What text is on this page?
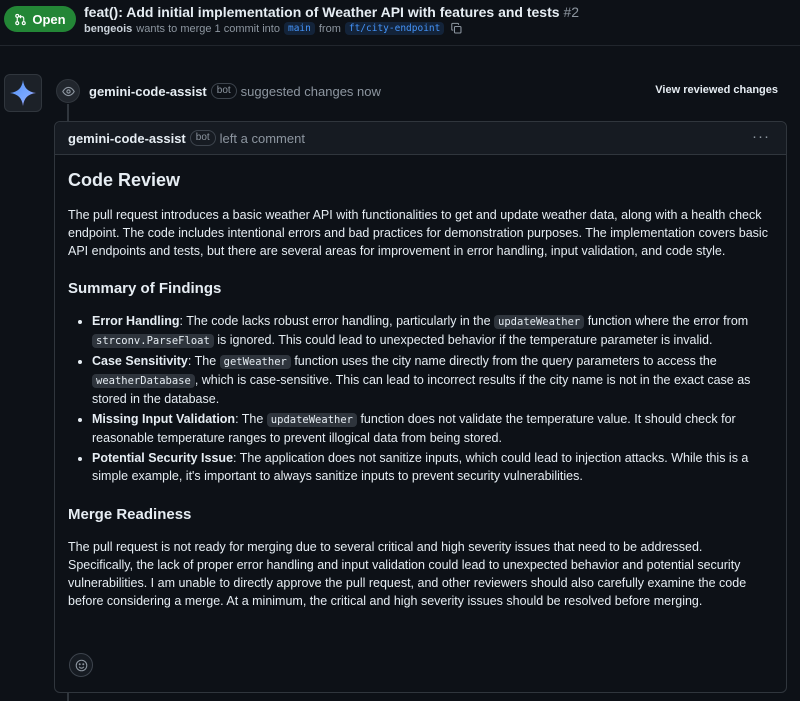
Open feat(): Add initial implementation of Weather API with features and tests #2
bengeois wants to merge 1 commit into main from ft/city-endpoint
gemini-code-assist	bot suggested changes now	View reviewed changes
gemini-code-assist	bot left a comment	···
Code Review

The pull request introduces a basic weather API with functionalities to get and update weather data, along with a health check endpoint. The code includes intentional errors and bad practices for demonstration purposes. The implementation covers basic API endpoints and tests, but there are several areas for improvement in error handling, input validation, and code style.

Summary of Findings
• Error Handling: The code lacks robust error handling, particularly in the updateWeather function where the error from strconv.ParseFloat is ignored. This could lead to unexpected behavior if the temperature parameter is invalid.
• Case Sensitivity: The getWeather function uses the city name directly from the query parameters to access the weatherDatabase , which is case-sensitive. This can lead to incorrect results if the city name is not in the exact case as stored in the database.
• Missing Input Validation: The updateWeather function does not validate the temperature value. It should check for reasonable temperature ranges to prevent illogical data from being stored.
• Potential Security Issue: The application does not sanitize inputs, which could lead to injection attacks. While this is a simple example, it's important to always sanitize inputs to prevent security vulnerabilities.
Merge Readiness

The pull request is not ready for merging due to several critical and high severity issues that need to be addressed. Specifically, the lack of proper error handling and input validation could lead to unexpected behavior and potential security vulnerabilities. I am unable to directly approve the pull request, and other reviewers should also carefully examine the code before considering a merge. At a minimum, the critical and high severity issues should be resolved before merging.
